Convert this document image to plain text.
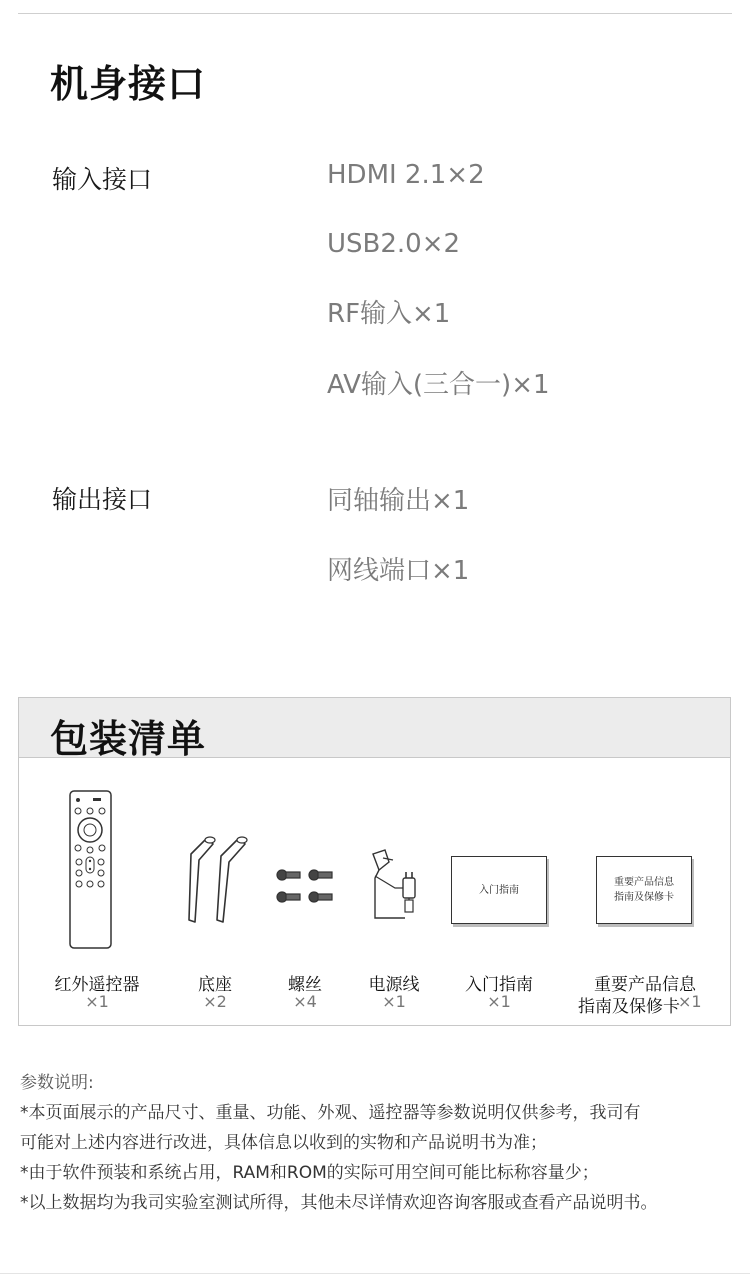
机身接口
输入接口	HDMI 2.1×2
USB2.0×2
RF输入×1
AV输入(三合一)×1
输出接口	同轴输出×1
网线端口×1
包装清单
入门指南
重要产品信息
指南及保修卡
红外遥控器
×1
底座
×2
螺丝
×4
电源线
×1
入门指南
×1
重要产品信息
指南及保修卡
×1
参数说明:
*本页面展示的产品尺寸、重量、功能、外观、遥控器等参数说明仅供参考，我司有
可能对上述内容进行改进，具体信息以收到的实物和产品说明书为准；
*由于软件预装和系统占用，RAM和ROM的实际可用空间可能比标称容量少；
*以上数据均为我司实验室测试所得，其他未尽详情欢迎咨询客服或查看产品说明书。
